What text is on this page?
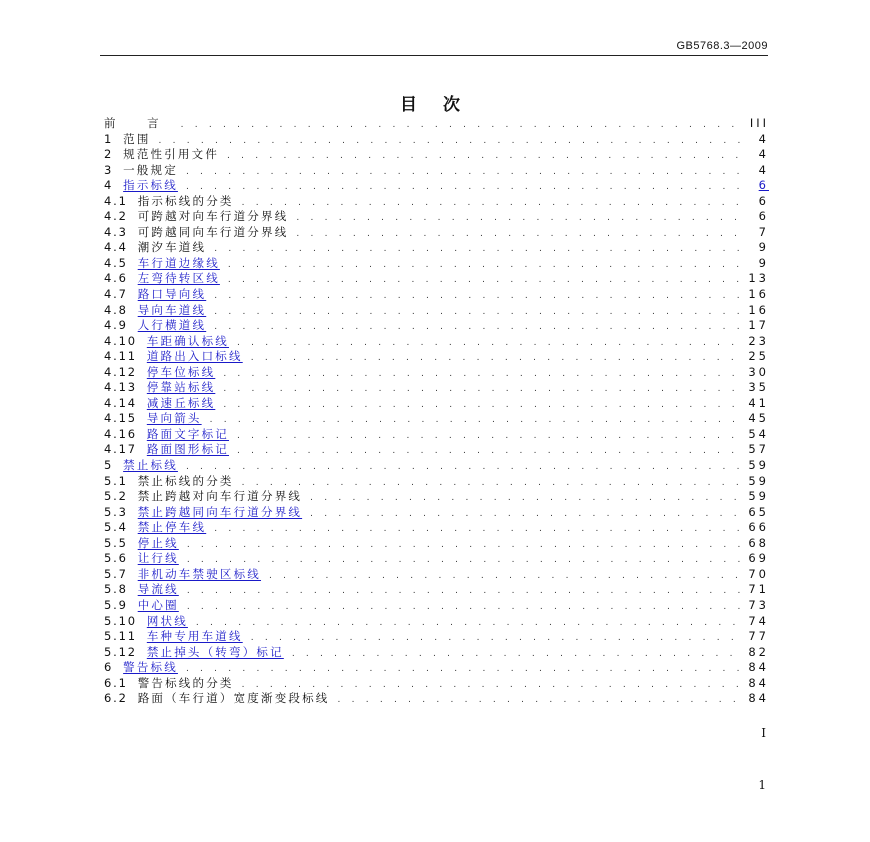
GB5768.3—2009
目 次
前 言 . . .	III
1 范围 . . .	4
2 规范性引用文件 . . .	4
3 一般规定 . . .	4
4 指示标线 . . .	6
4.1 指示标线的分类 . . .	6
4.2 可跨越对向车行道分界线 . . .	6
4.3 可跨越同向车行道分界线 . . .	7
4.4 潮汐车道线 . . .	9
4.5 车行道边缘线 . . .	9
4.6 左弯待转区线 . . .	13
4.7 路口导向线 . . .	16
4.8 导向车道线 . . .	16
4.9 人行横道线 . . .	17
4.10 车距确认标线 . . .	23
4.11 道路出入口标线 . . .	25
4.12 停车位标线 . . .	30
4.13 停靠站标线 . . .	35
4.14 减速丘标线 . . .	41
4.15 导向箭头 . . .	45
4.16 路面文字标记 . . .	54
4.17 路面图形标记 . . .	57
5 禁止标线 . . .	59
5.1 禁止标线的分类 . . .	59
5.2 禁止跨越对向车行道分界线 . . .	59
5.3 禁止跨越同向车行道分界线 . . .	65
5.4 禁止停车线 . . .	66
5.5 停止线 . . .	68
5.6 让行线 . . .	69
5.7 非机动车禁驶区标线 . . .	70
5.8 导流线 . . .	71
5.9 中心圈 . . .	73
5.10 网状线 . . .	74
5.11 车种专用车道线 . . .	77
5.12 禁止掉头（转弯）标记 . . .	82
6 警告标线 . . .	84
6.1 警告标线的分类 . . .	84
6.2 路面（车行道）宽度渐变段标线 . . .	84
I
1
